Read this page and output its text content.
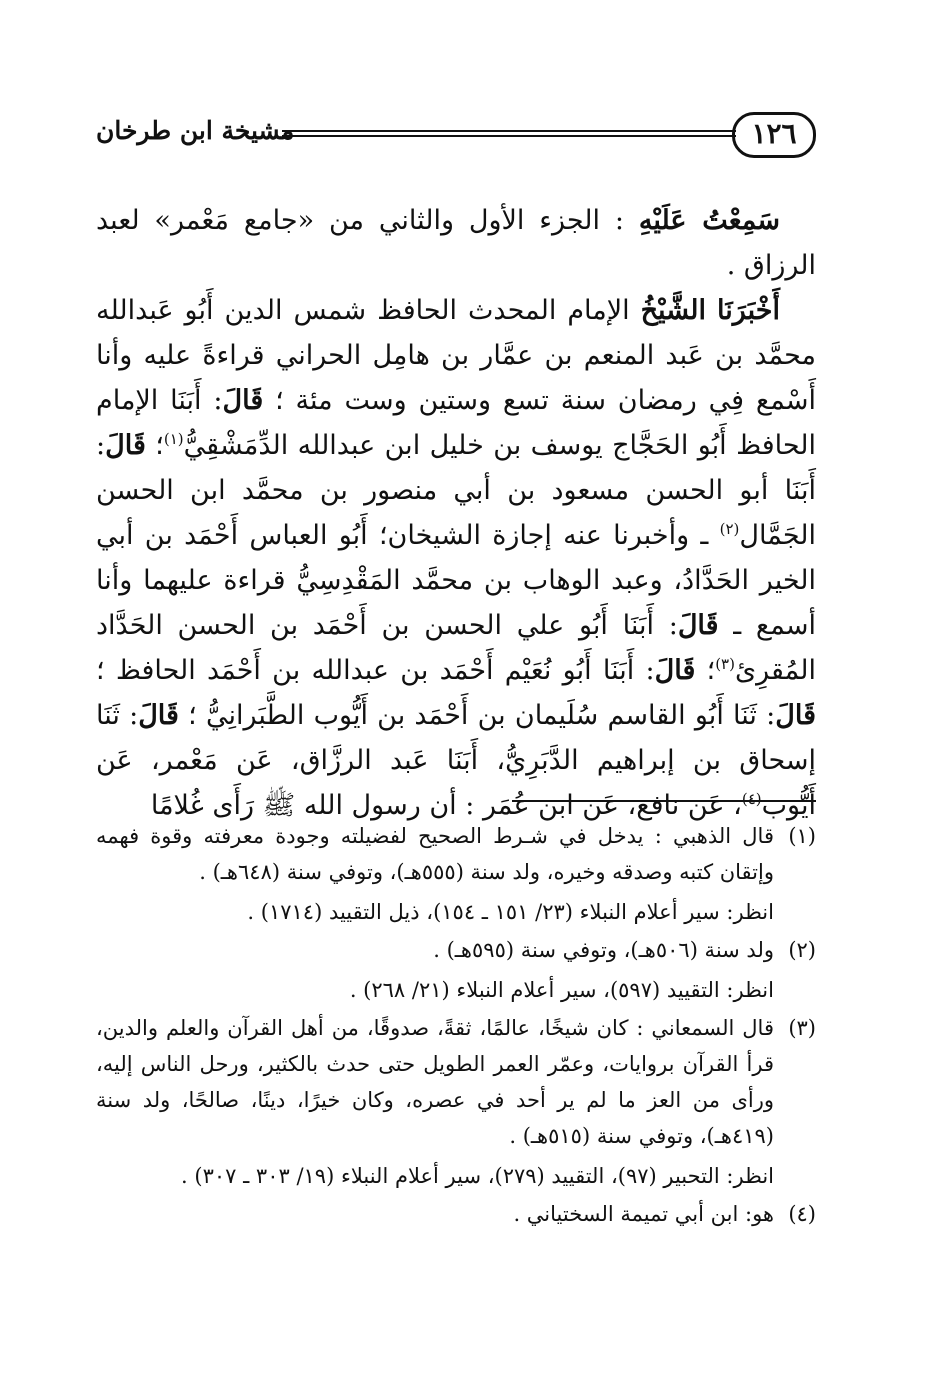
١٢٦
مشيخة ابن طرخان

سَمِعْتُ عَلَيْهِ : الجزء الأول والثاني من «جامع مَعْمر» لعبد الرزاق .

أَخْبَرَنَا الشَّيْخُ الإمام المحدث الحافظ شمس الدين أَبُو عَبدالله محمَّد بن عَبد المنعم بن عمَّار بن هامِل الحراني قراءةً عليه وأنا أَسْمع فِي رمضان سنة تسع وستين وست مئة ؛ قَالَ: أَبَنَا الإمام الحافظ أَبُو الحَجَّاج يوسف بن خليل ابن عبدالله الدِّمَشْقِيُّ$^{(١)}$؛ قَالَ: أَبَنَا أبو الحسن مسعود بن أبي منصور بن محمَّد ابن الحسن الجَمَّال$^{(٢)}$ ـ وأخبرنا عنه إجازة الشيخان؛ أَبُو العباس أَحْمَد بن أبي الخير الحَدَّادُ، وعبد الوهاب بن محمَّد المَقْدِسِيُّ قراءة عليهما وأنا أسمع ـ قَالَ: أَبَنَا أَبُو علي الحسن بن أَحْمَد بن الحسن الحَدَّاد المُقرِئ$^{(٣)}$؛ قَالَ: أَبَنَا أَبُو نُعَيْم أَحْمَد بن عبدالله بن أَحْمَد الحافظ ؛ قَالَ: ثَنَا أَبُو القاسم سُلَيمان بن أَحْمَد بن أَيُّوب الطَّبَرانِيُّ ؛ قَالَ: ثَنَا إسحاق بن إبراهيم الدَّبَرِيُّ، أَبَنَا عَبد الرزَّاق، عَن مَعْمر، عَن أَيُّوب$^{(٤)}$، عَن نافع، عَن ابن عُمَر : أن رسول الله ﷺ رَأَى غُلامًا

(١)

قال الذهبي : يدخل في شـرط الصحيح لفضيلته وجودة معرفته وقوة فهمه وإتقان كتبه وصدقه وخيره، ولد سنة (٥٥٥هـ)، وتوفي سنة (٦٤٨هـ) .

انظر: سير أعلام النبلاء (٢٣/ ١٥١ ـ ١٥٤)، ذيل التقييد (١٧١٤) .

(٢)

ولد سنة (٥٠٦هـ)، وتوفي سنة (٥٩٥هـ) .

انظر: التقييد (٥٩٧)، سير أعلام النبلاء (٢١/ ٢٦٨) .

(٣)

قال السمعاني : كان شيخًا، عالمًا، ثقةً، صدوقًا، من أهل القرآن والعلم والدين، قرأ القرآن بروايات، وعمّر العمر الطويل حتى حدث بالكثير، ورحل الناس إليه، ورأى من العز ما لم ير أحد في عصره، وكان خيرًا، دينًا، صالحًا، ولد سنة (٤١٩هـ)، وتوفي سنة (٥١٥هـ) .

انظر: التحبير (٩٧)، التقييد (٢٧٩)، سير أعلام النبلاء (١٩/ ٣٠٣ ـ ٣٠٧) .

(٤)

هو: ابن أبي تميمة السختياني .
